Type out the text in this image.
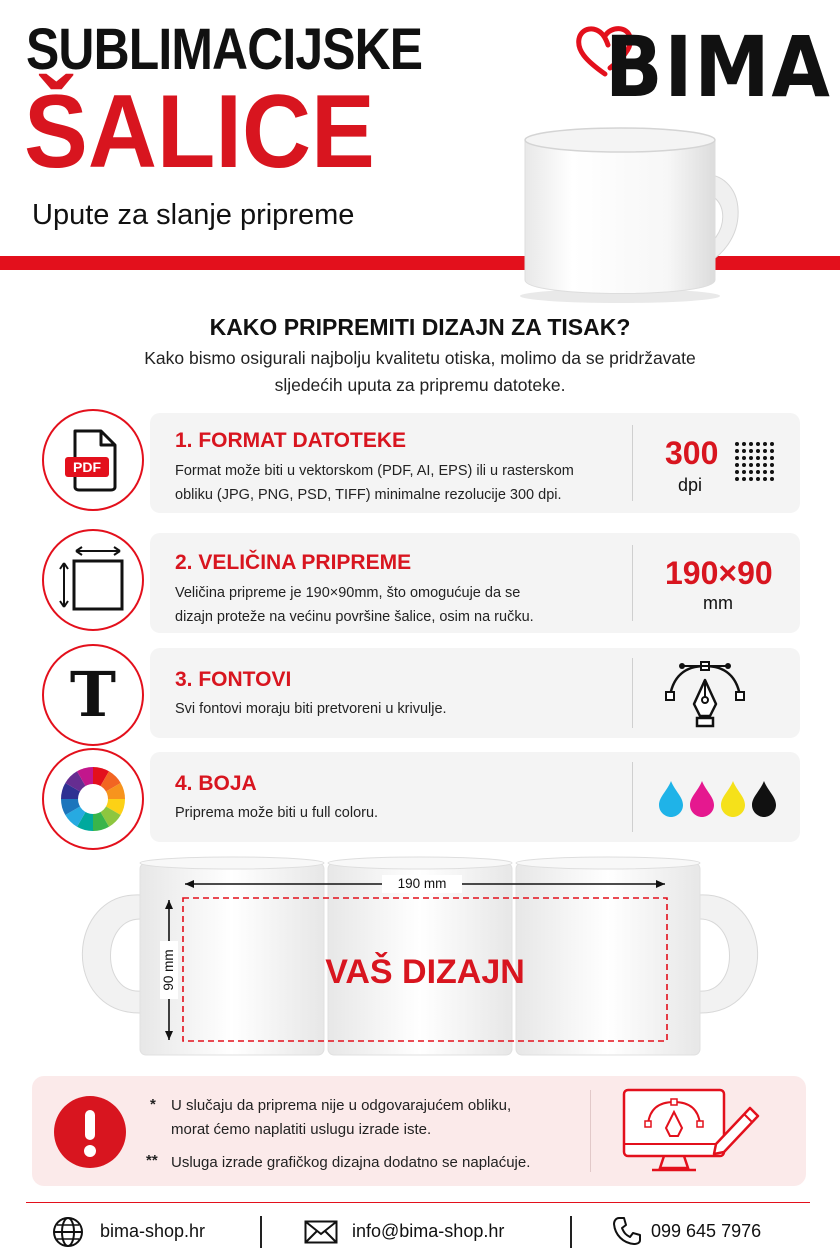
SUBLIMACIJSKE
ŠALICE
Upute za slanje pripreme
BIMA
KAKO PRIPREMITI DIZAJN ZA TISAK?
Kako bismo osigurali najbolju kvalitetu otiska, molimo da se pridržavate
sljedećih uputa za pripremu datoteke.
1. FORMAT DATOTEKE
Format može biti u vektorskom (PDF, AI, EPS) ili u rasterskom
obliku (JPG, PNG, PSD, TIFF) minimalne rezolucije 300 dpi.
300
dpi
PDF
2. VELIČINA PRIPREME
Veličina pripreme je 190×90mm, što omogućuje da se
dizajn proteže na većinu površine šalice, osim na ručku.
190×90
mm
3. FONTOVI
Svi fontovi moraju biti pretvoreni u krivulje.
T
4. BOJA
Priprema može biti u full coloru.
190 mm
90 mm	VAŠ DIZAJN
* U slučaju da priprema nije u odgovarajućem obliku,
morat ćemo naplatiti uslugu izrade iste.
** Usluga izrade grafičkog dizajna dodatno se naplaćuje.
bima-shop.hr	info@bima-shop.hr	099 645 7976
